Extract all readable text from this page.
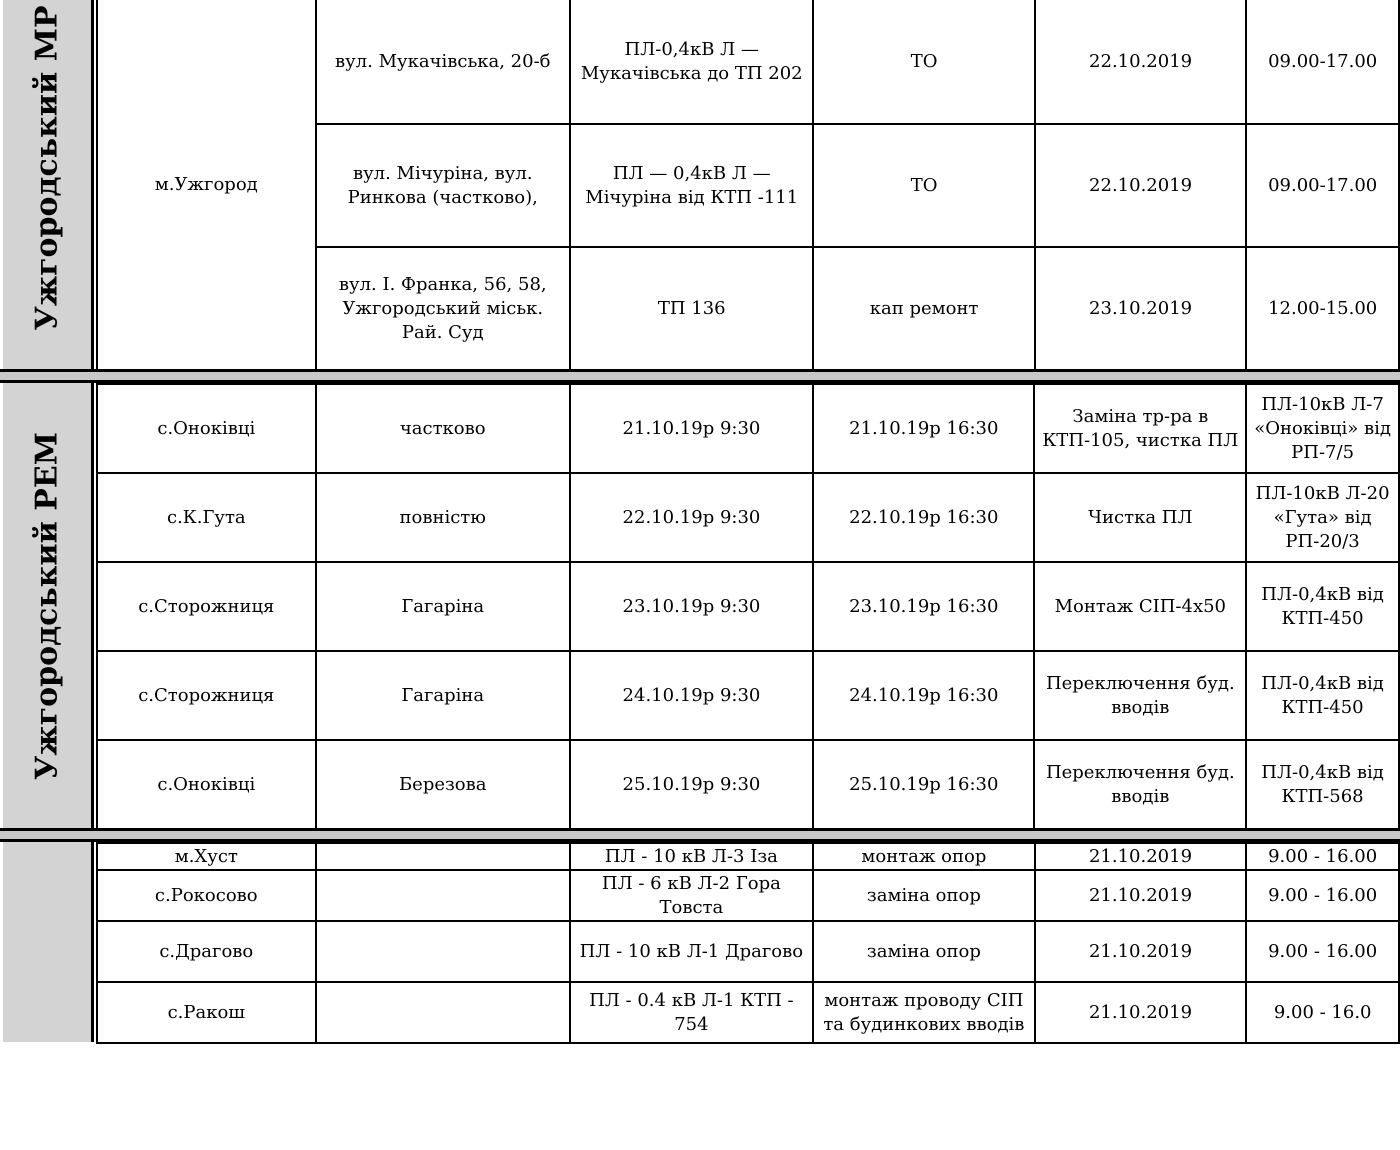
Ужгородський МР	м.Ужгород	вул. Мукачівська, 20-б	ПЛ-0,4кВ Л — Мукачівська до ТП 202	ТО	22.10.2019	09.00-17.00
	вул. Мічуріна, вул. Ринкова (частково),	ПЛ — 0,4кВ Л — Мічуріна від КТП -111	ТО	22.10.2019	09.00-17.00
	вул. І. Франка, 56, 58, Ужгородський міськ. Рай. Суд	ТП 136	кап ремонт	23.10.2019	12.00-15.00
Ужгородський РЕМ
с.Оноківці	частково	21.10.19р 9:30	21.10.19р 16:30	Заміна тр-ра в КТП-105, чистка ПЛ	ПЛ-10кВ Л-7 «Оноківці» від РП-7/5
с.К.Гута	повністю	22.10.19р 9:30	22.10.19р 16:30	Чистка ПЛ	ПЛ-10кВ Л-20 «Гута» від РП-20/3
с.Сторожниця	Гагаріна	23.10.19р 9:30	23.10.19р 16:30	Монтаж СІП-4х50	ПЛ-0,4кВ від КТП-450
с.Сторожниця	Гагаріна	24.10.19р 9:30	24.10.19р 16:30	Переключення буд. вводів	ПЛ-0,4кВ від КТП-450
с.Оноківці	Березова	25.10.19р 9:30	25.10.19р 16:30	Переключення буд. вводів	ПЛ-0,4кВ від КТП-568
м.Хуст		ПЛ - 10 кВ Л-3 Іза	монтаж опор	21.10.2019	9.00 - 16.00
с.Рокосово		ПЛ - 6 кВ Л-2 Гора Товста	заміна опор	21.10.2019	9.00 - 16.00
с.Драгово		ПЛ - 10 кВ Л-1 Драгово	заміна опор	21.10.2019	9.00 - 16.00
с.Ракош		ПЛ - 0.4 кВ Л-1 КТП - 754	монтаж проводу СІП та будинкових вводів	21.10.2019	9.00 - 16.0
